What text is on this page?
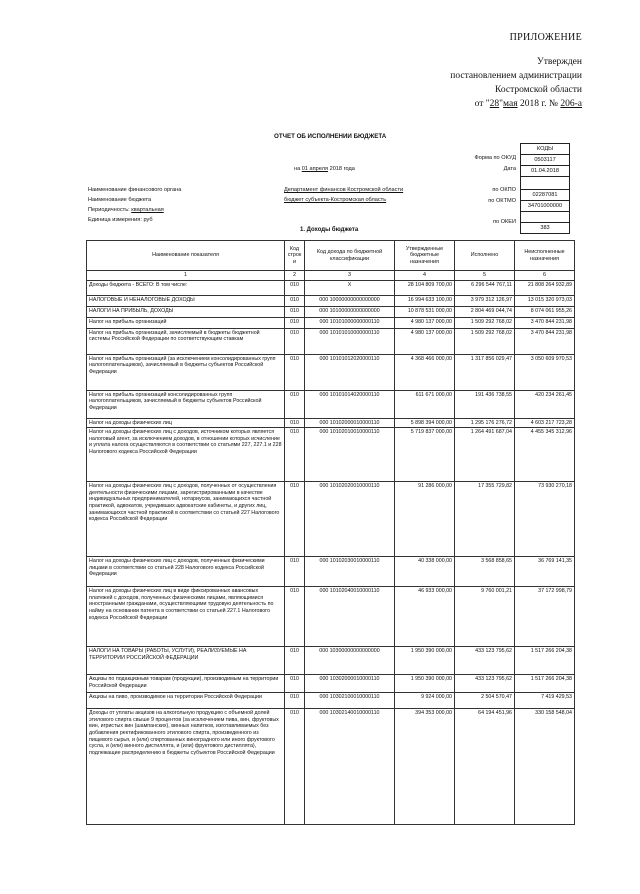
ПРИЛОЖЕНИЕ
Утвержден
постановлением администрации
Костромской области
от "28"мая 2018 г. № 206-а
ОТЧЕТ ОБ ИСПОЛНЕНИИ БЮДЖЕТА
КОДЫ
0503117
01.04.2018

02287081
34701000000

383
Форма по ОКУД
Дата
по ОКПО
по ОКТМО
по ОКЕИ
на 01 апреля 2018 года
Наименование финансового органа	Департамент финансов Костромской области
Наименование бюджета	бюджет субъекта-Костромская область
Периодичность: квартальная
Единица измерения: руб
1. Доходы бюджета
Наименование показателя	Код строк и	Код дохода по бюджетной классификации	Утвержденные бюджетные назначения	Исполнено	Неисполненные назначения
1	2	3	4	5	6
Доходы бюджета - ВСЕГО: В том числе:	010	X	28 104 809 700,00	6 296 544 767,11	21 808 264 932,89
НАЛОГОВЫЕ И НЕНАЛОГОВЫЕ ДОХОДЫ	010	000 10000000000000000	16 994 633 100,00	3 979 312 126,97	13 015 320 973,03
НАЛОГИ НА ПРИБЫЛЬ, ДОХОДЫ	010	000 10100000000000000	10 878 531 000,00	2 804 469 044,74	8 074 061 955,26
Налог на прибыль организаций	010	000 10101000000000110	4 980 137 000,00	1 509 292 768,02	3 470 844 231,98
Налог на прибыль организаций, зачисляемый в бюджеты бюджетной системы Российской Федерации по соответствующим ставкам	010	000 10101010000000110	4 980 137 000,00	1 509 292 768,02	3 470 844 231,98
Налог на прибыль организаций (за исключением консолидированных групп налогоплательщиков), зачисляемый в бюджеты субъектов Российской Федерации	010	000 10101012020000110	4 368 466 000,00	1 317 856 029,47	3 050 609 970,53
Налог на прибыль организаций консолидированных групп налогоплательщиков, зачисляемый в бюджеты субъектов Российской Федерации	010	000 10101014020000110	611 671 000,00	191 436 738,55	420 234 261,45
Налог на доходы физических лиц	010	000 10102000010000110	5 898 394 000,00	1 295 176 276,72	4 603 217 723,28
Налог на доходы физических лиц с доходов, источником которых является налоговый агент, за исключением доходов, в отношении которых исчисление и уплата налога осуществляются в соответствии со статьями 227, 227.1 и 228 Налогового кодекса Российской Федерации	010	000 10102010010000110	5 719 837 000,00	1 264 491 687,04	4 455 345 312,96
Налог на доходы физических лиц с доходов, полученных от осуществления деятельности физическими лицами, зарегистрированными в качестве индивидуальных предпринимателей, нотариусов, занимающихся частной практикой, адвокатов, учредивших адвокатские кабинеты, и других лиц, занимающихся частной практикой в соответствии со статьей 227 Налогового кодекса Российской Федерации	010	000 10102020010000110	91 286 000,00	17 355 729,82	73 930 270,18
Налог на доходы физических лиц с доходов, полученных физическими лицами в соответствии со статьей 228 Налогового кодекса Российской Федерации	010	000 10102030010000110	40 338 000,00	3 568 858,65	36 769 141,35
Налог на доходы физических лиц в виде фиксированных авансовых платежей с доходов, полученных физическими лицами, являющимися иностранными гражданами, осуществляющими трудовую деятельность по найму на основании патента в соответствии со статьей 227.1 Налогового кодекса Российской Федерации	010	000 10102040010000110	46 933 000,00	9 760 001,21	37 172 998,79
НАЛОГИ НА ТОВАРЫ (РАБОТЫ, УСЛУГИ), РЕАЛИЗУЕМЫЕ НА ТЕРРИТОРИИ РОССИЙСКОЙ ФЕДЕРАЦИИ	010	000 10300000000000000	1 950 390 000,00	433 123 795,62	1 517 266 204,38
Акцизы по подакцизным товарам (продукции), производимым на территории Российской Федерации	010	000 10302000010000110	1 950 390 000,00	433 123 795,62	1 517 266 204,38
Акцизы на пиво, производимое на территории Российской Федерации	010	000 10302100010000110	9 924 000,00	2 504 570,47	7 419 429,53
Доходы от уплаты акцизов на алкогольную продукцию с объемной долей этилового спирта свыше 9 процентов (за исключением пива, вин, фруктовых вин, игристых вин (шампанских), винных напитков, изготавливаемых без добавления ректификованного этилового спирта, произведенного из пищевого сырья, и (или) спиртованных виноградного или иного фруктового сусла, и (или) винного дистиллята, и (или) фруктового дистиллята), подлежащие распределению в бюджеты субъектов Российской Федерации	010	000 10302140010000110	394 353 000,00	64 194 451,96	330 158 548,04
